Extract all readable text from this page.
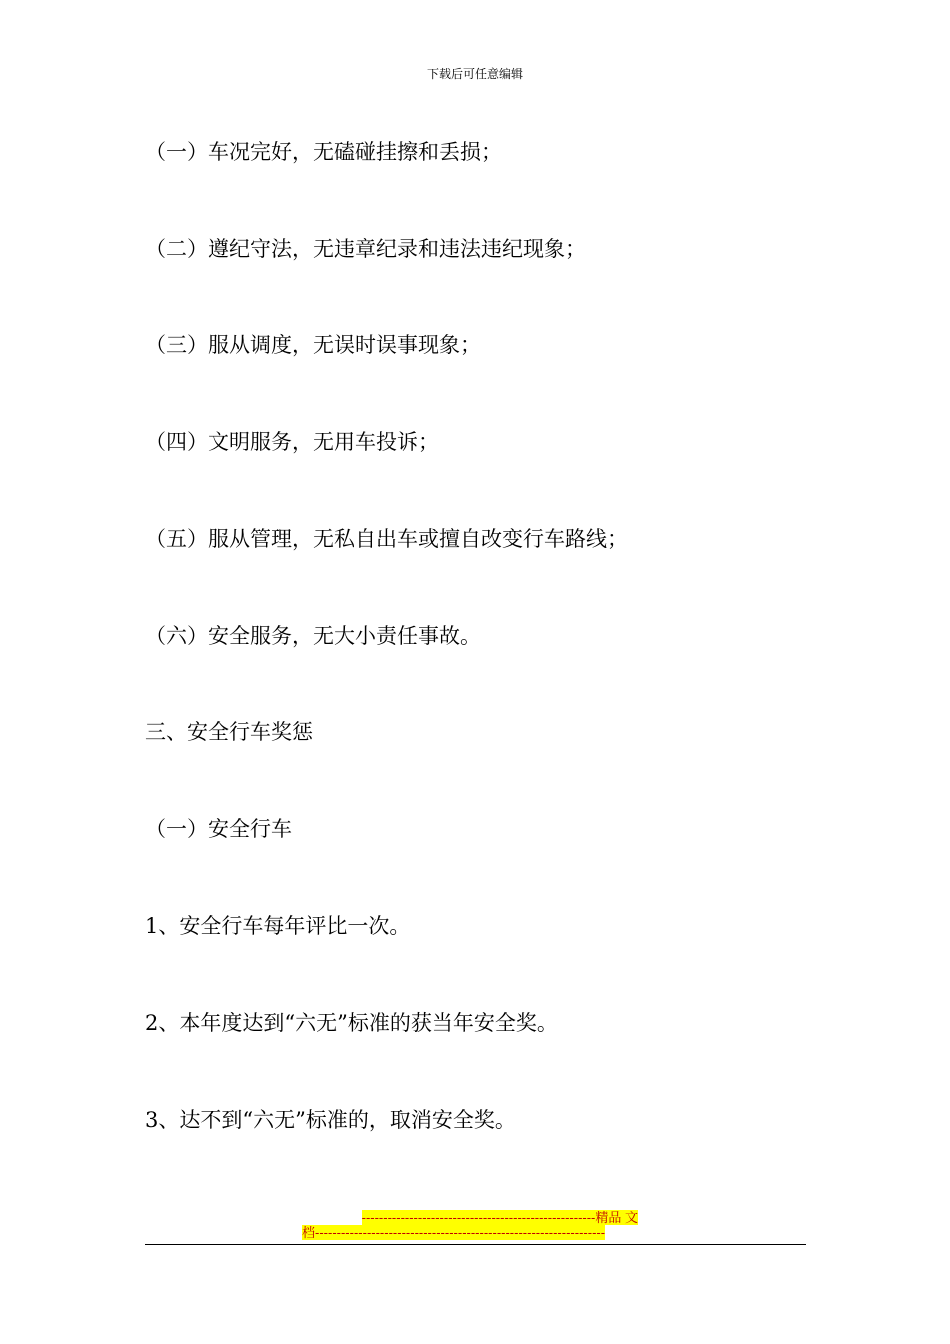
下载后可任意编辑
（一）车况完好，无磕碰挂擦和丢损；
（二）遵纪守法，无违章纪录和违法违纪现象；
（三）服从调度，无误时误事现象；
（四）文明服务，无用车投诉；
（五）服从管理，无私自出车或擅自改变行车路线；
（六）安全服务，无大小责任事故。
三、安全行车奖惩
（一）安全行车
1、安全行车每年评比一次。
2、本年度达到“六无”标准的获当年安全奖。
3、达不到“六无”标准的，取消安全奖。
------------------------------------------------------精品 文
档-------------------------------------------------------------------
